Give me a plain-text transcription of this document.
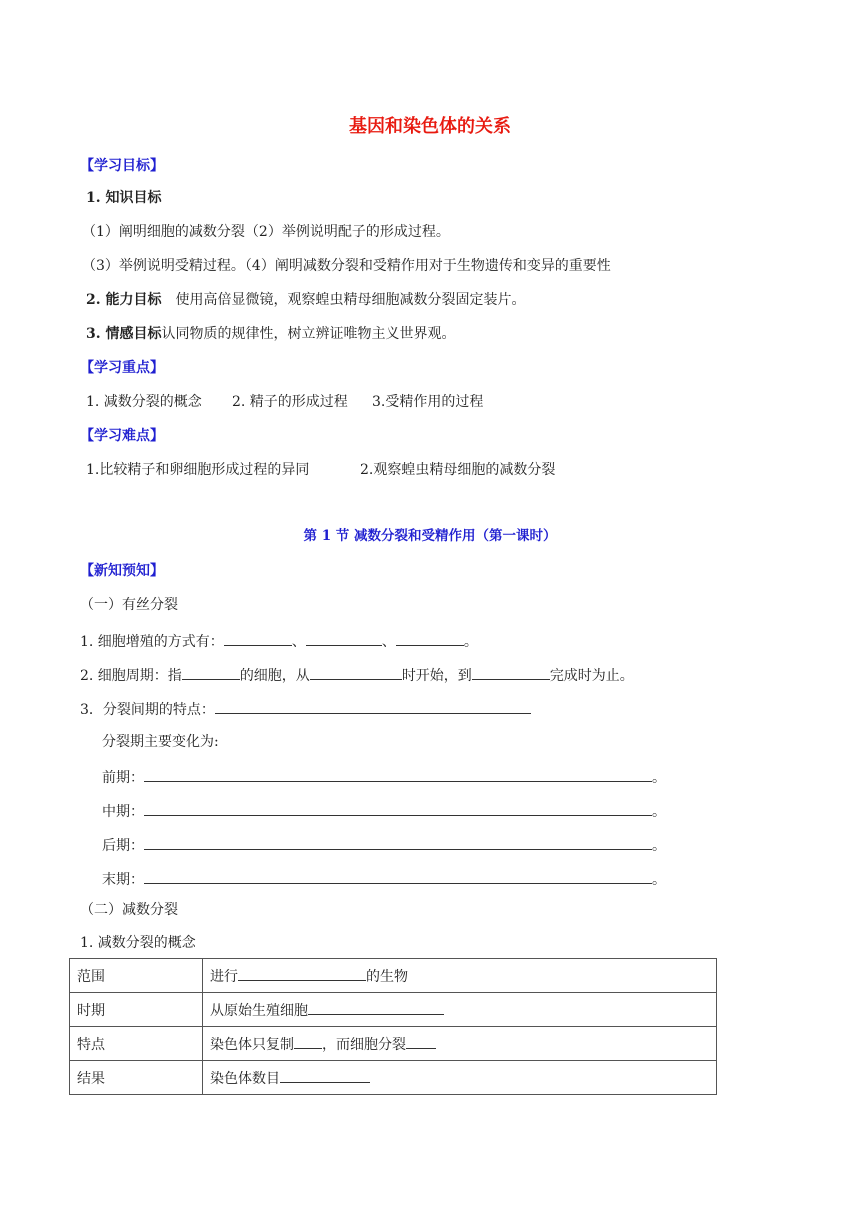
基因和染色体的关系
【学习目标】
1. 知识目标
（1）阐明细胞的减数分裂（2）举例说明配子的形成过程。
（3）举例说明受精过程。（4）阐明减数分裂和受精作用对于生物遗传和变异的重要性
2. 能力目标 使用高倍显微镜，观察蝗虫精母细胞减数分裂固定装片。
3. 情感目标认同物质的规律性，树立辨证唯物主义世界观。
【学习重点】
1. 减数分裂的概念 2. 精子的形成过程 3.受精作用的过程
【学习难点】
1.比较精子和卵细胞形成过程的异同	2.观察蝗虫精母细胞的减数分裂
第 1 节 减数分裂和受精作用（第一课时）
【新知预知】
（一）有丝分裂
1. 细胞增殖的方式有：	、	、	。
2. 细胞周期：指	的细胞，从	时开始，到	完成时为止。
3．分裂间期的特点：
分裂期主要变化为:
前期：	。
中期：	。
后期：	。
末期：	。
（二）减数分裂
1. 减数分裂的概念
范围	进行 的生物
时期	从原始生殖细胞
特点	染色体只复制 ，而细胞分裂
结果	染色体数目
